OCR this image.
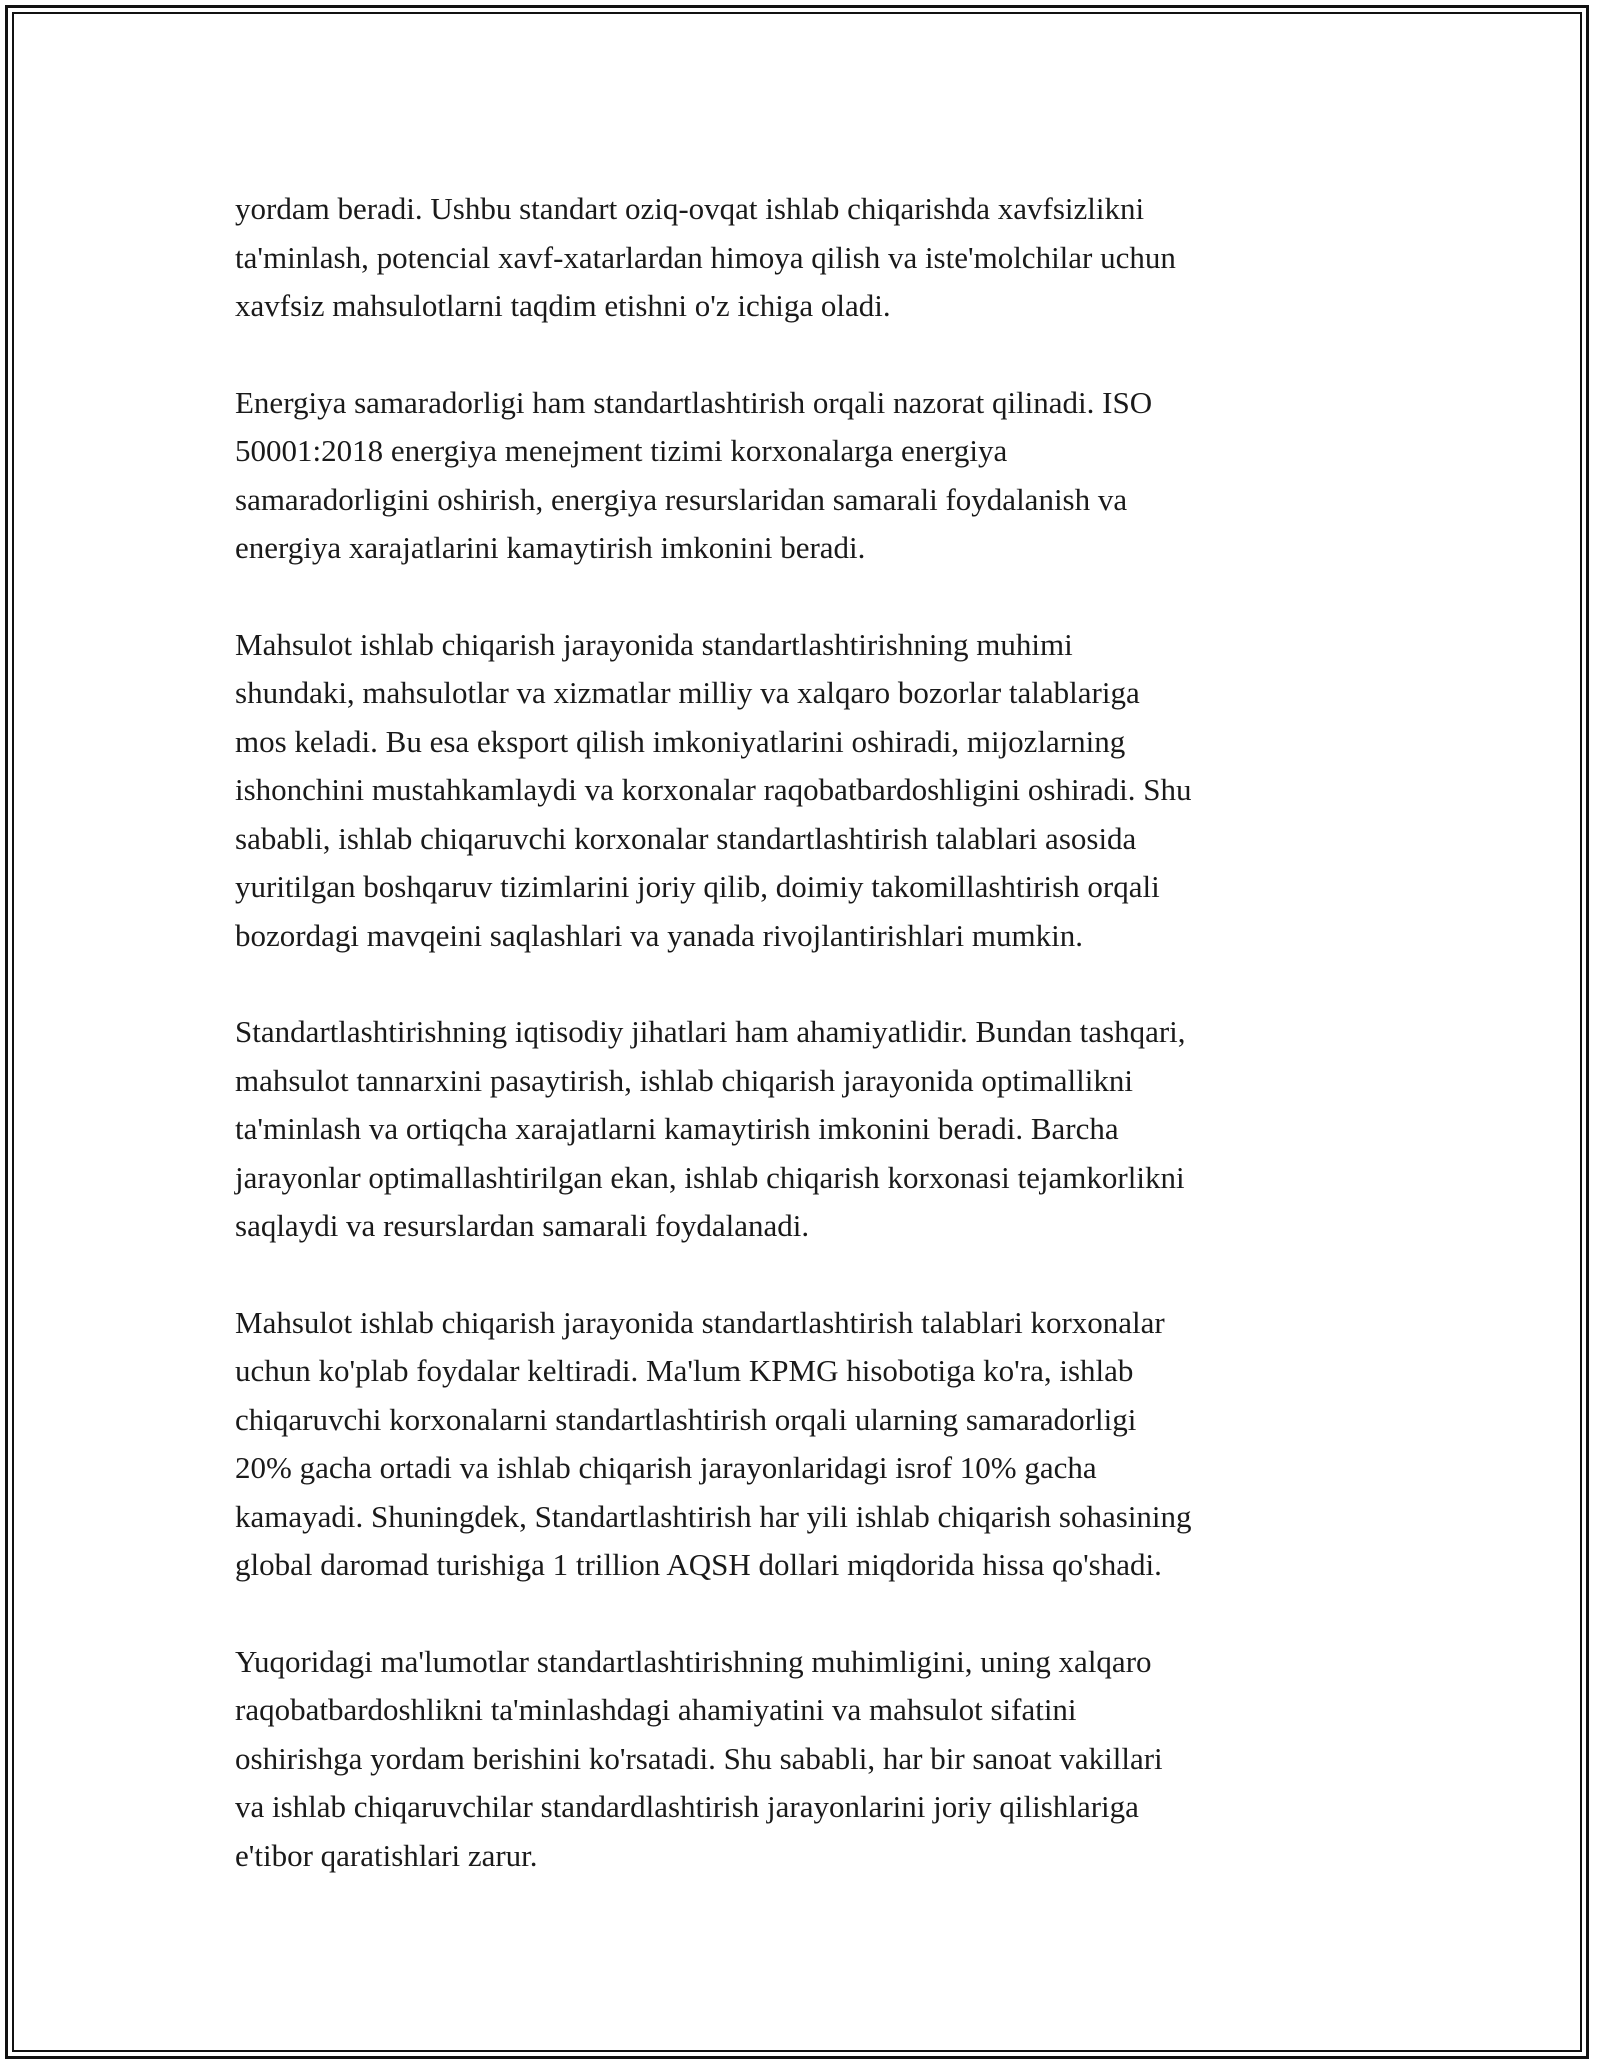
yordam beradi. Ushbu standart oziq-ovqat ishlab chiqarishda xavfsizlikni
ta'minlash, potencial xavf-xatarlardan himoya qilish va iste'molchilar uchun
xavfsiz mahsulotlarni taqdim etishni o'z ichiga oladi.

Energiya samaradorligi ham standartlashtirish orqali nazorat qilinadi. ISO
50001:2018 energiya menejment tizimi korxonalarga energiya
samaradorligini oshirish, energiya resurslaridan samarali foydalanish va
energiya xarajatlarini kamaytirish imkonini beradi.

Mahsulot ishlab chiqarish jarayonida standartlashtirishning muhimi
shundaki, mahsulotlar va xizmatlar milliy va xalqaro bozorlar talablariga
mos keladi. Bu esa eksport qilish imkoniyatlarini oshiradi, mijozlarning
ishonchini mustahkamlaydi va korxonalar raqobatbardoshligini oshiradi. Shu
sababli, ishlab chiqaruvchi korxonalar standartlashtirish talablari asosida
yuritilgan boshqaruv tizimlarini joriy qilib, doimiy takomillashtirish orqali
bozordagi mavqeini saqlashlari va yanada rivojlantirishlari mumkin.

Standartlashtirishning iqtisodiy jihatlari ham ahamiyatlidir. Bundan tashqari,
mahsulot tannarxini pasaytirish, ishlab chiqarish jarayonida optimallikni
ta'minlash va ortiqcha xarajatlarni kamaytirish imkonini beradi. Barcha
jarayonlar optimallashtirilgan ekan, ishlab chiqarish korxonasi tejamkorlikni
saqlaydi va resurslardan samarali foydalanadi.

Mahsulot ishlab chiqarish jarayonida standartlashtirish talablari korxonalar
uchun ko'plab foydalar keltiradi. Ma'lum KPMG hisobotiga ko'ra, ishlab
chiqaruvchi korxonalarni standartlashtirish orqali ularning samaradorligi
20% gacha ortadi va ishlab chiqarish jarayonlaridagi isrof 10% gacha
kamayadi. Shuningdek, Standartlashtirish har yili ishlab chiqarish sohasining
global daromad turishiga 1 trillion AQSH dollari miqdorida hissa qo'shadi.

Yuqoridagi ma'lumotlar standartlashtirishning muhimligini, uning xalqaro
raqobatbardoshlikni ta'minlashdagi ahamiyatini va mahsulot sifatini
oshirishga yordam berishini ko'rsatadi. Shu sababli, har bir sanoat vakillari
va ishlab chiqaruvchilar standardlashtirish jarayonlarini joriy qilishlariga
e'tibor qaratishlari zarur.
